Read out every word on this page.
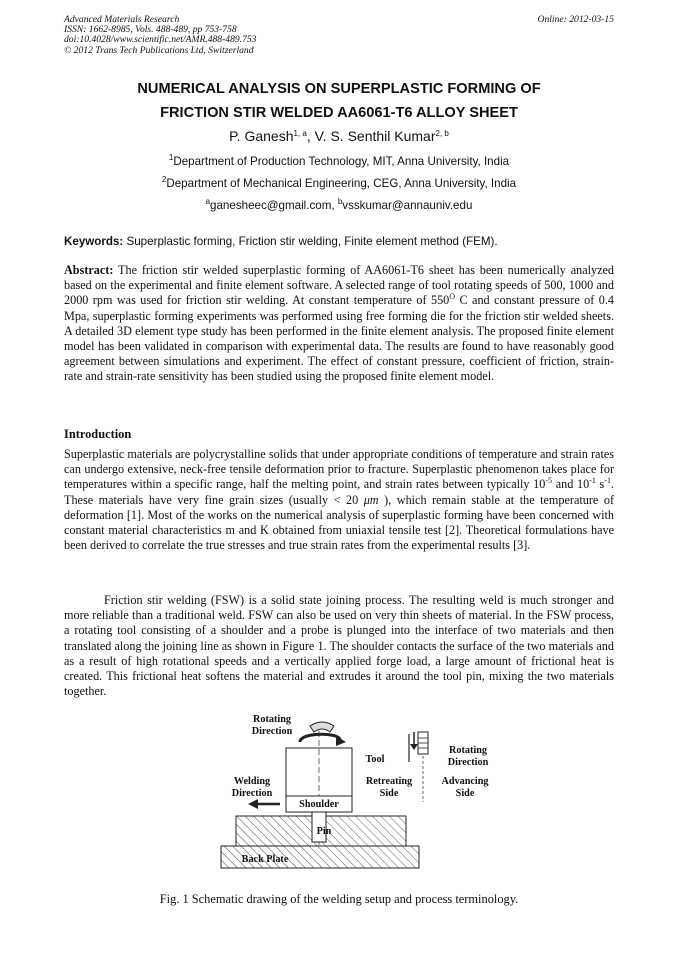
Advanced Materials Research
ISSN: 1662-8985, Vols. 488-489, pp 753-758
doi:10.4028/www.scientific.net/AMR.488-489.753
© 2012 Trans Tech Publications Ltd, Switzerland
Online: 2012-03-15
NUMERICAL ANALYSIS ON SUPERPLASTIC FORMING OF
FRICTION STIR WELDED AA6061-T6 ALLOY SHEET
P. Ganesh$^{1, a}$, V. S. Senthil Kumar$^{2, b}$
$^1$Department of Production Technology, MIT, Anna University, India
$^2$Department of Mechanical Engineering, CEG, Anna University, India
$^a$ganesheec@gmail.com, $^b$vsskumar@annauniv.edu
Keywords: Superplastic forming, Friction stir welding, Finite element method (FEM).

Abstract: The friction stir welded superplastic forming of AA6061-T6 sheet has been numerically analyzed based on the experimental and finite element software. A selected range of tool rotating speeds of 500, 1000 and 2000 rpm was used for friction stir welding. At constant temperature of $550^O$ C and constant pressure of 0.4 Mpa, superplastic forming experiments was performed using free forming die for the friction stir welded sheets. A detailed 3D element type study has been performed in the finite element analysis. The proposed finite element model has been validated in comparison with experimental data. The results are found to have reasonably good agreement between simulations and experiment. The effect of constant pressure, coefficient of friction, strain-rate and strain-rate sensitivity has been studied using the proposed finite element model.

Introduction

Superplastic materials are polycrystalline solids that under appropriate conditions of temperature and strain rates can undergo extensive, neck-free tensile deformation prior to fracture. Superplastic phenomenon takes place for temperatures within a specific range, half the melting point, and strain rates between typically $10^{-5}$ and $10^{-1}$ $s^{-1}$. These materials have very fine grain sizes (usually < 20 μm ), which remain stable at the temperature of deformation [1]. Most of the works on the numerical analysis of superplastic forming have been concerned with constant material characteristics m and K obtained from uniaxial tensile test [2]. Theoretical formulations have been derived to correlate the true stresses and true strain rates from the experimental results [3].

Friction stir welding (FSW) is a solid state joining process. The resulting weld is much stronger and more reliable than a traditional weld. FSW can also be used on very thin sheets of material. In the FSW process, a rotating tool consisting of a shoulder and a probe is plunged into the interface of two materials and then translated along the joining line as shown in Figure 1. The shoulder contacts the surface of the two materials and as a result of high rotational speeds and a vertically applied forge load, a large amount of frictional heat is created. This frictional heat softens the material and extrudes it around the tool pin, mixing the two materials together.

Rotating
Direction
Welding
Direction
Shoulder
Pin
Back Plate
Tool
Rotating
Direction
Retreating
Side
Advancing
Side
Fig. 1 Schematic drawing of the welding setup and process terminology.
